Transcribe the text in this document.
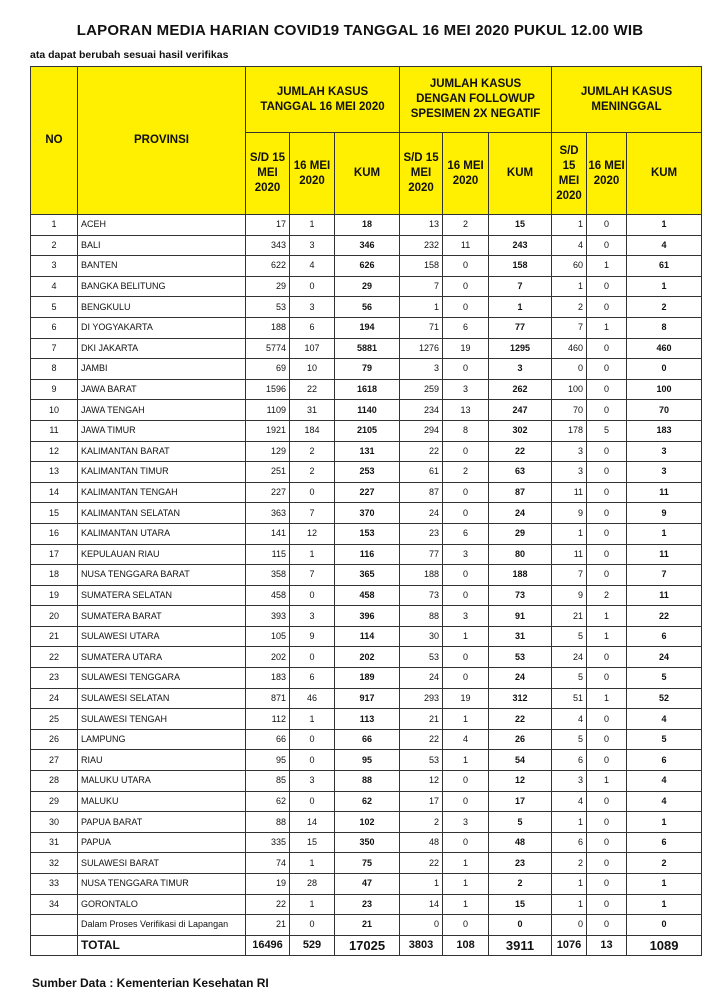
LAPORAN MEDIA HARIAN COVID19 TANGGAL 16 MEI 2020 PUKUL 12.00 WIB
ata dapat berubah sesuai hasil verifikas
NO	PROVINSI	JUMLAH KASUS TANGGAL 16 MEI 2020			JUMLAH KASUS DENGAN FOLLOWUP SPESIMEN 2X NEGATIF			JUMLAH KASUS MENINGGAL		
		S/D 15 MEI 2020	16 MEI 2020	KUM	S/D 15 MEI 2020	16 MEI 2020	KUM	S/D 15 MEI 2020	16 MEI 2020	KUM
1	ACEH	17	1	18	13	2	15	1	0	1
2	BALI	343	3	346	232	11	243	4	0	4
3	BANTEN	622	4	626	158	0	158	60	1	61
4	BANGKA BELITUNG	29	0	29	7	0	7	1	0	1
5	BENGKULU	53	3	56	1	0	1	2	0	2
6	DI YOGYAKARTA	188	6	194	71	6	77	7	1	8
7	DKI JAKARTA	5774	107	5881	1276	19	1295	460	0	460
8	JAMBI	69	10	79	3	0	3	0	0	0
9	JAWA BARAT	1596	22	1618	259	3	262	100	0	100
10	JAWA TENGAH	1109	31	1140	234	13	247	70	0	70
11	JAWA TIMUR	1921	184	2105	294	8	302	178	5	183
12	KALIMANTAN BARAT	129	2	131	22	0	22	3	0	3
13	KALIMANTAN TIMUR	251	2	253	61	2	63	3	0	3
14	KALIMANTAN TENGAH	227	0	227	87	0	87	11	0	11
15	KALIMANTAN SELATAN	363	7	370	24	0	24	9	0	9
16	KALIMANTAN UTARA	141	12	153	23	6	29	1	0	1
17	KEPULAUAN RIAU	115	1	116	77	3	80	11	0	11
18	NUSA TENGGARA BARAT	358	7	365	188	0	188	7	0	7
19	SUMATERA SELATAN	458	0	458	73	0	73	9	2	11
20	SUMATERA BARAT	393	3	396	88	3	91	21	1	22
21	SULAWESI UTARA	105	9	114	30	1	31	5	1	6
22	SUMATERA UTARA	202	0	202	53	0	53	24	0	24
23	SULAWESI TENGGARA	183	6	189	24	0	24	5	0	5
24	SULAWESI SELATAN	871	46	917	293	19	312	51	1	52
25	SULAWESI TENGAH	112	1	113	21	1	22	4	0	4
26	LAMPUNG	66	0	66	22	4	26	5	0	5
27	RIAU	95	0	95	53	1	54	6	0	6
28	MALUKU UTARA	85	3	88	12	0	12	3	1	4
29	MALUKU	62	0	62	17	0	17	4	0	4
30	PAPUA BARAT	88	14	102	2	3	5	1	0	1
31	PAPUA	335	15	350	48	0	48	6	0	6
32	SULAWESI BARAT	74	1	75	22	1	23	2	0	2
33	NUSA TENGGARA TIMUR	19	28	47	1	1	2	1	0	1
34	GORONTALO	22	1	23	14	1	15	1	0	1
	Dalam Proses Verifikasi di Lapangan	21	0	21	0	0	0	0	0	0
	TOTAL	16496	529	17025	3803	108	3911	1076	13	1089
Sumber Data : Kementerian Kesehatan RI
